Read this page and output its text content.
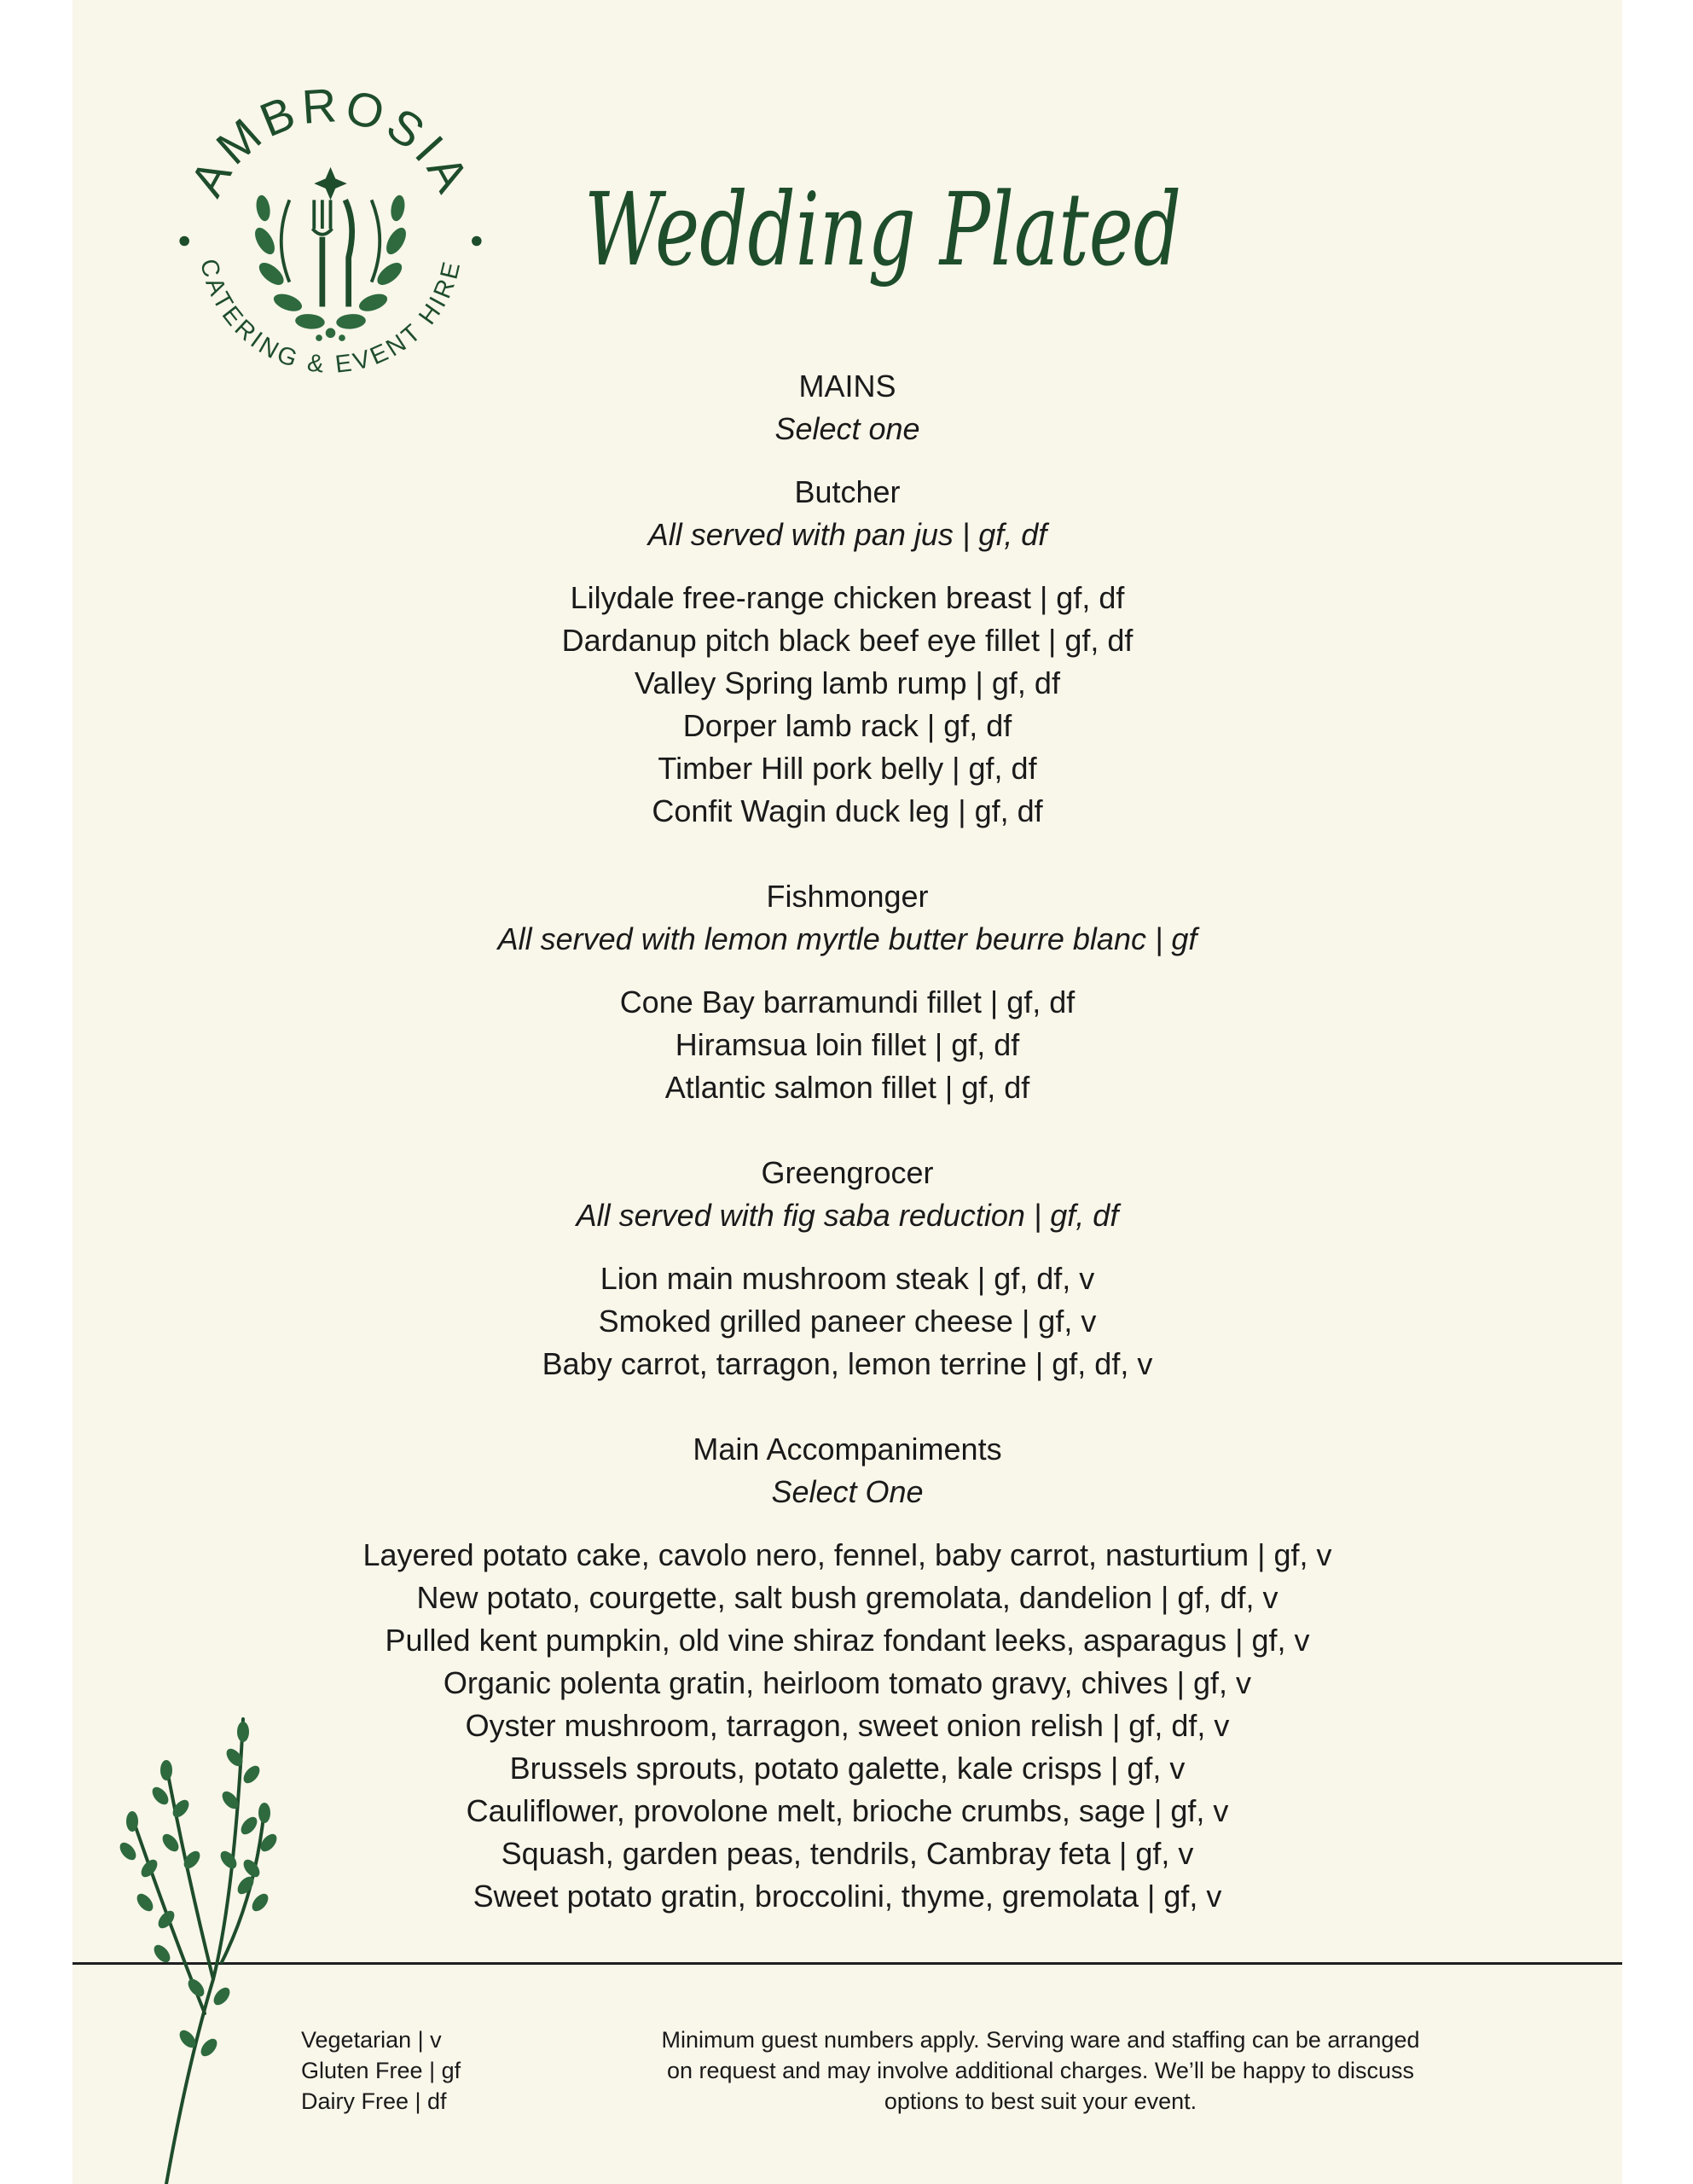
AMBROSIA
CATERING & EVENT HIRE Wedding Plated
MAINS
Select one
Butcher
All served with pan jus | gf, df
Lilydale free-range chicken breast | gf, df
Dardanup pitch black beef eye fillet | gf, df
Valley Spring lamb rump | gf, df
Dorper lamb rack | gf, df
Timber Hill pork belly | gf, df
Confit Wagin duck leg | gf, df
Fishmonger
All served with lemon myrtle butter beurre blanc | gf
Cone Bay barramundi fillet | gf, df
Hiramsua loin fillet | gf, df
Atlantic salmon fillet | gf, df
Greengrocer
All served with fig saba reduction | gf, df
Lion main mushroom steak | gf, df, v
Smoked grilled paneer cheese | gf, v
Baby carrot, tarragon, lemon terrine | gf, df, v
Main Accompaniments
Select One
Layered potato cake, cavolo nero, fennel, baby carrot, nasturtium | gf, v
New potato, courgette, salt bush gremolata, dandelion | gf, df, v
Pulled kent pumpkin, old vine shiraz fondant leeks, asparagus | gf, v
Organic polenta gratin, heirloom tomato gravy, chives | gf, v
Oyster mushroom, tarragon, sweet onion relish | gf, df, v
Brussels sprouts, potato galette, kale crisps | gf, v
Cauliflower, provolone melt, brioche crumbs, sage | gf, v
Squash, garden peas, tendrils, Cambray feta | gf, v
Sweet potato gratin, broccolini, thyme, gremolata | gf, v
Vegetarian | v
Gluten Free | gf
Dairy Free | df
Minimum guest numbers apply. Serving ware and staffing can be arranged
on request and may involve additional charges. We’ll be happy to discuss
options to best suit your event.
